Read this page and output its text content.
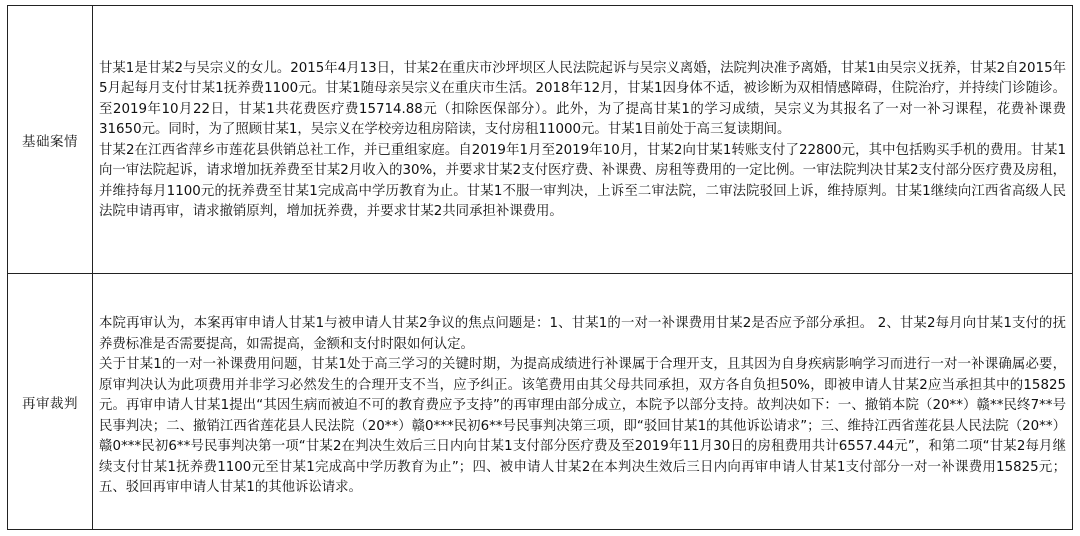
基础案情	甘某1是甘某2与吴宗义的女儿。2015年4月13日，甘某2在重庆市沙坪坝区人民法院起诉与吴宗义离婚，法院判决准予离婚，甘某1由吴宗义抚养，甘某2自2015年5月起每月支付甘某1抚养费1100元。甘某1随母亲吴宗义在重庆市生活。2018年12月，甘某1因身体不适，被诊断为双相情感障碍，住院治疗，并持续门诊随诊。至2019年10月22日，甘某1共花费医疗费15714.88元（扣除医保部分）。此外，为了提高甘某1的学习成绩，吴宗义为其报名了一对一补习课程，花费补课费31650元。同时，为了照顾甘某1，吴宗义在学校旁边租房陪读，支付房租11000元。甘某1目前处于高三复读期间。

甘某2在江西省萍乡市莲花县供销总社工作，并已重组家庭。自2019年1月至2019年10月，甘某2向甘某1转账支付了22800元，其中包括购买手机的费用。甘某1向一审法院起诉，请求增加抚养费至甘某2月收入的30%，并要求甘某2支付医疗费、补课费、房租等费用的一定比例。一审法院判决甘某2支付部分医疗费及房租，并维持每月1100元的抚养费至甘某1完成高中学历教育为止。甘某1不服一审判决，上诉至二审法院，二审法院驳回上诉，维持原判。甘某1继续向江西省高级人民法院申请再审，请求撤销原判，增加抚养费，并要求甘某2共同承担补课费用。

再审裁判	本院再审认为，本案再审申请人甘某1与被申请人甘某2争议的焦点问题是：1、甘某1的一对一补课费用甘某2是否应予部分承担。 2、甘某2每月向甘某1支付的抚养费标准是否需要提高，如需提高，金额和支付时限如何认定。

关于甘某1的一对一补课费用问题，甘某1处于高三学习的关键时期，为提高成绩进行补课属于合理开支，且其因为自身疾病影响学习而进行一对一补课确属必要，原审判决认为此项费用并非学习必然发生的合理开支不当，应予纠正。该笔费用由其父母共同承担，双方各自负担50%，即被申请人甘某2应当承担其中的15825元。再审申请人甘某1提出“其因生病而被迫不可的教育费应予支持”的再审理由部分成立，本院予以部分支持。故判决如下：一、撤销本院（20**）赣**民终7**号民事判决；二、撤销江西省莲花县人民法院（20**）赣0***民初6**号民事判决第三项，即“驳回甘某1的其他诉讼请求”；三、维持江西省莲花县人民法院（20**）赣0***民初6**号民事判决第一项“甘某2在判决生效后三日内向甘某1支付部分医疗费及至2019年11月30日的房租费用共计6557.44元”，和第二项“甘某2每月继续支付甘某1抚养费1100元至甘某1完成高中学历教育为止”；四、被申请人甘某2在本判决生效后三日内向再审申请人甘某1支付部分一对一补课费用15825元；五、驳回再审申请人甘某1的其他诉讼请求。
